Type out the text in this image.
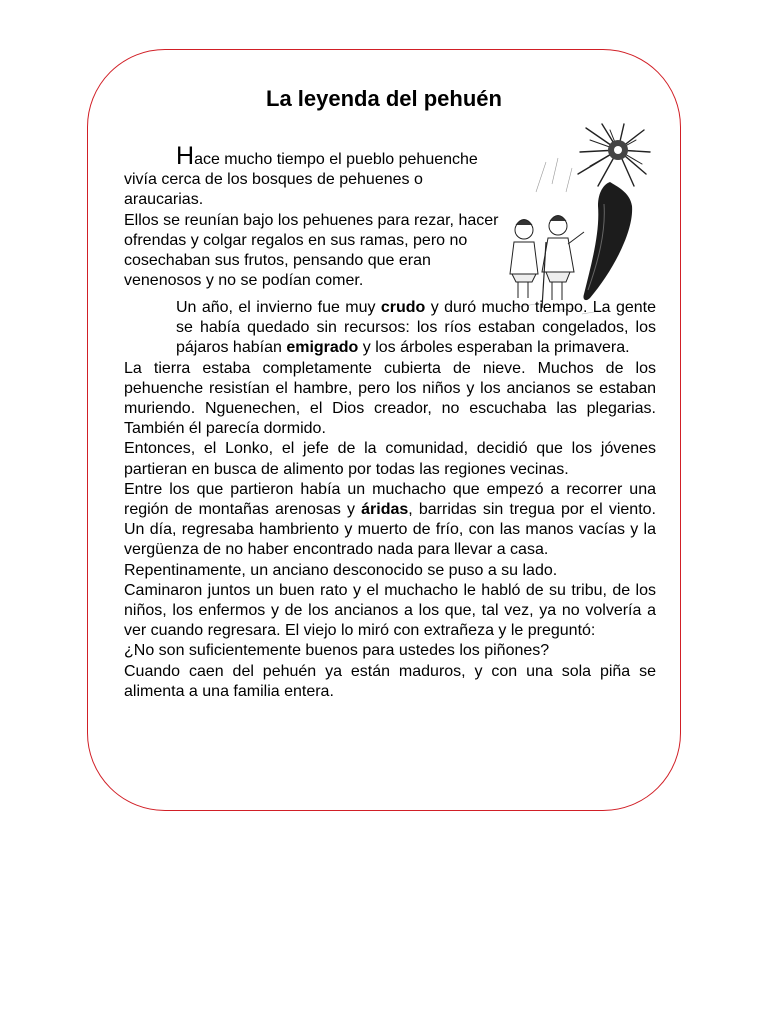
La leyenda del pehuén

Hace mucho tiempo el pueblo pehuenche

vivía cerca de los bosques de pehuenes o araucarias.

Ellos se reunían bajo los pehuenes para rezar, hacer ofrendas y colgar regalos en sus ramas, pero no cosechaban sus frutos, pensando que eran venenosos y no se podían comer.

Un año, el invierno fue muy crudo y duró mucho tiempo. La gente se había quedado sin recursos: los ríos estaban congelados, los pájaros habían emigrado y los árboles esperaban la primavera.

La tierra estaba completamente cubierta de nieve. Muchos de los pehuenche resistían el hambre, pero los niños y los ancianos se estaban muriendo. Nguenechen, el Dios creador, no escuchaba las plegarias. También él parecía dormido.

Entonces, el Lonko, el jefe de la comunidad, decidió que los jóvenes partieran en busca de alimento por todas las regiones vecinas.

Entre los que partieron había un muchacho que empezó a recorrer una región de montañas arenosas y áridas, barridas sin tregua por el viento. Un día, regresaba hambriento y muerto de frío, con las manos vacías y la vergüenza de no haber encontrado nada para llevar a casa.

Repentinamente, un anciano desconocido se puso a su lado.

Caminaron juntos un buen rato y el muchacho le habló de su tribu, de los niños, los enfermos y de los ancianos a los que, tal vez, ya no volvería a ver cuando regresara. El viejo lo miró con extrañeza y le preguntó:

¿No son suficientemente buenos para ustedes los piñones?

Cuando caen del pehuén ya están maduros, y con una sola piña se alimenta a una familia entera.
